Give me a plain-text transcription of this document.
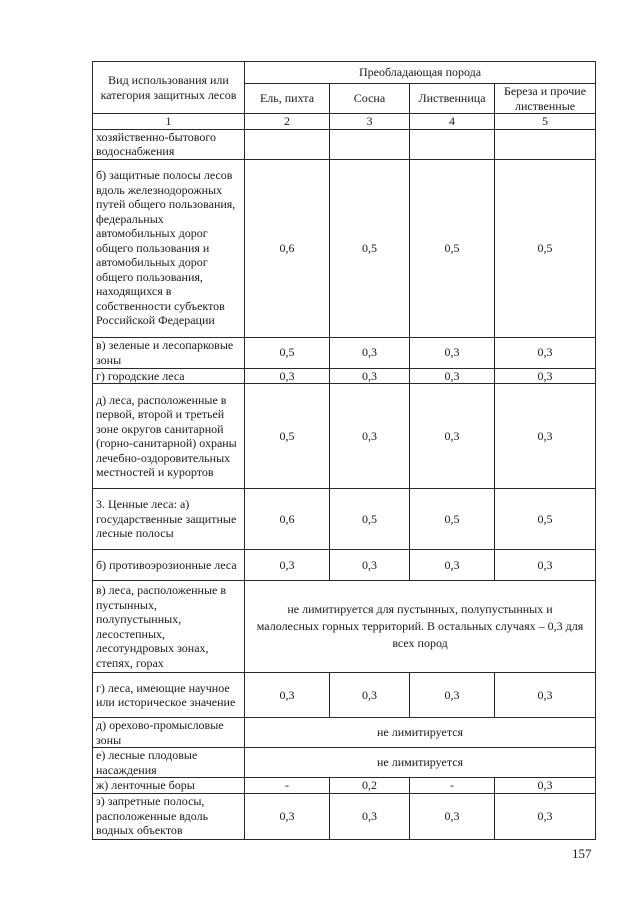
Вид использования или категория защитных лесов	Преобладающая порода			
	Ель, пихта	Сосна	Лиственница	Береза и прочие лиственные
1	2	3	4	5
хозяйственно-бытового водоснабжения				
б) защитные полосы лесов вдоль железнодорожных путей общего пользования, федеральных автомобильных дорог общего пользования и автомобильных дорог общего пользования, находящихся в собственности субъектов Российской Федерации	0,6	0,5	0,5	0,5
в) зеленые и лесопарковые зоны	0,5	0,3	0,3	0,3
г) городские леса	0,3	0,3	0,3	0,3
д) леса, расположенные в первой, второй и третьей зоне округов санитарной (горно-санитарной) охраны лечебно-оздоровительных местностей и курортов	0,5	0,3	0,3	0,3
3. Ценные леса: а) государственные защитные лесные полосы	0,6	0,5	0,5	0,5
б) противоэрозионные леса	0,3	0,3	0,3	0,3
в) леса, расположенные в пустынных, полупустынных, лесостепных, лесотундровых зонах, степях, горах	не лимитируется для пустынных, полупустынных и малолесных горных территорий. В остальных случаях – 0,3 для всех пород			
г) леса, имеющие научное или историческое значение	0,3	0,3	0,3	0,3
д) орехово-промысловые зоны	не лимитируется			
е) лесные плодовые насаждения	не лимитируется			
ж) ленточные боры	-	0,2	-	0,3
з) запретные полосы, расположенные вдоль водных объектов	0,3	0,3	0,3	0,3
157
